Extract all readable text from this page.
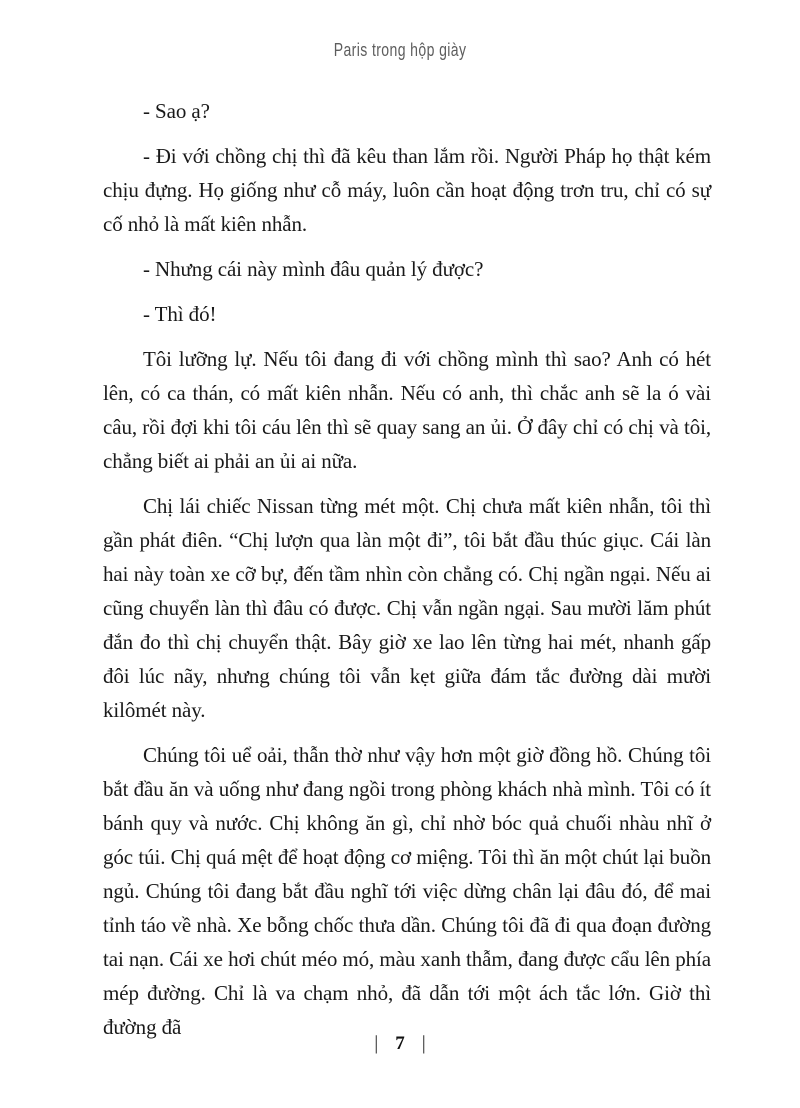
Paris trong hộp giày

- Sao ạ?

- Đi với chồng chị thì đã kêu than lắm rồi. Người Pháp họ thật kém chịu đựng. Họ giống như cỗ máy, luôn cần hoạt động trơn tru, chỉ có sự cố nhỏ là mất kiên nhẫn.

- Nhưng cái này mình đâu quản lý được?

- Thì đó!

Tôi lưỡng lự. Nếu tôi đang đi với chồng mình thì sao? Anh có hét lên, có ca thán, có mất kiên nhẫn. Nếu có anh, thì chắc anh sẽ la ó vài câu, rồi đợi khi tôi cáu lên thì sẽ quay sang an ủi. Ở đây chỉ có chị và tôi, chẳng biết ai phải an ủi ai nữa.

Chị lái chiếc Nissan từng mét một. Chị chưa mất kiên nhẫn, tôi thì gần phát điên. “Chị lượn qua làn một đi”, tôi bắt đầu thúc giục. Cái làn hai này toàn xe cỡ bự, đến tầm nhìn còn chẳng có. Chị ngần ngại. Nếu ai cũng chuyển làn thì đâu có được. Chị vẫn ngần ngại. Sau mười lăm phút đắn đo thì chị chuyển thật. Bây giờ xe lao lên từng hai mét, nhanh gấp đôi lúc nãy, nhưng chúng tôi vẫn kẹt giữa đám tắc đường dài mười kilômét này.

Chúng tôi uể oải, thẫn thờ như vậy hơn một giờ đồng hồ. Chúng tôi bắt đầu ăn và uống như đang ngồi trong phòng khách nhà mình. Tôi có ít bánh quy và nước. Chị không ăn gì, chỉ nhờ bóc quả chuối nhàu nhĩ ở góc túi. Chị quá mệt để hoạt động cơ miệng. Tôi thì ăn một chút lại buồn ngủ. Chúng tôi đang bắt đầu nghĩ tới việc dừng chân lại đâu đó, để mai tỉnh táo về nhà. Xe bỗng chốc thưa dần. Chúng tôi đã đi qua đoạn đường tai nạn. Cái xe hơi chút méo mó, màu xanh thẫm, đang được cẩu lên phía mép đường. Chỉ là va chạm nhỏ, đã dẫn tới một ách tắc lớn. Giờ thì đường đã

| 7 |
